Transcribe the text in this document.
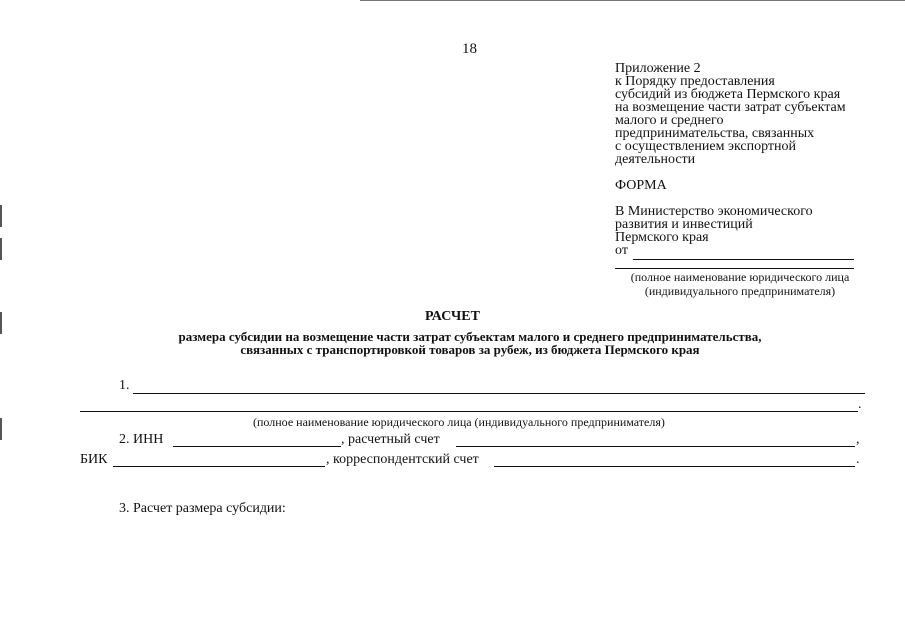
18
Приложение 2
к Порядку предоставления
субсидий из бюджета Пермского края
на возмещение части затрат субъектам
малого и среднего
предпринимательства, связанных
с осуществлением экспортной
деятельности
ФОРМА
В Министерство экономического
развития и инвестиций
Пермского края
от
(полное наименование юридического лица
(индивидуального предпринимателя)
РАСЧЕТ
размера субсидии на возмещение части затрат субъектам малого и среднего предпринимательства,
связанных с транспортировкой товаров за рубеж, из бюджета Пермского края
1.
.
(полное наименование юридического лица (индивидуального предпринимателя)
2. ИНН	, расчетный счет	,
БИК	, корреспондентский счет	.
3. Расчет размера субсидии:
